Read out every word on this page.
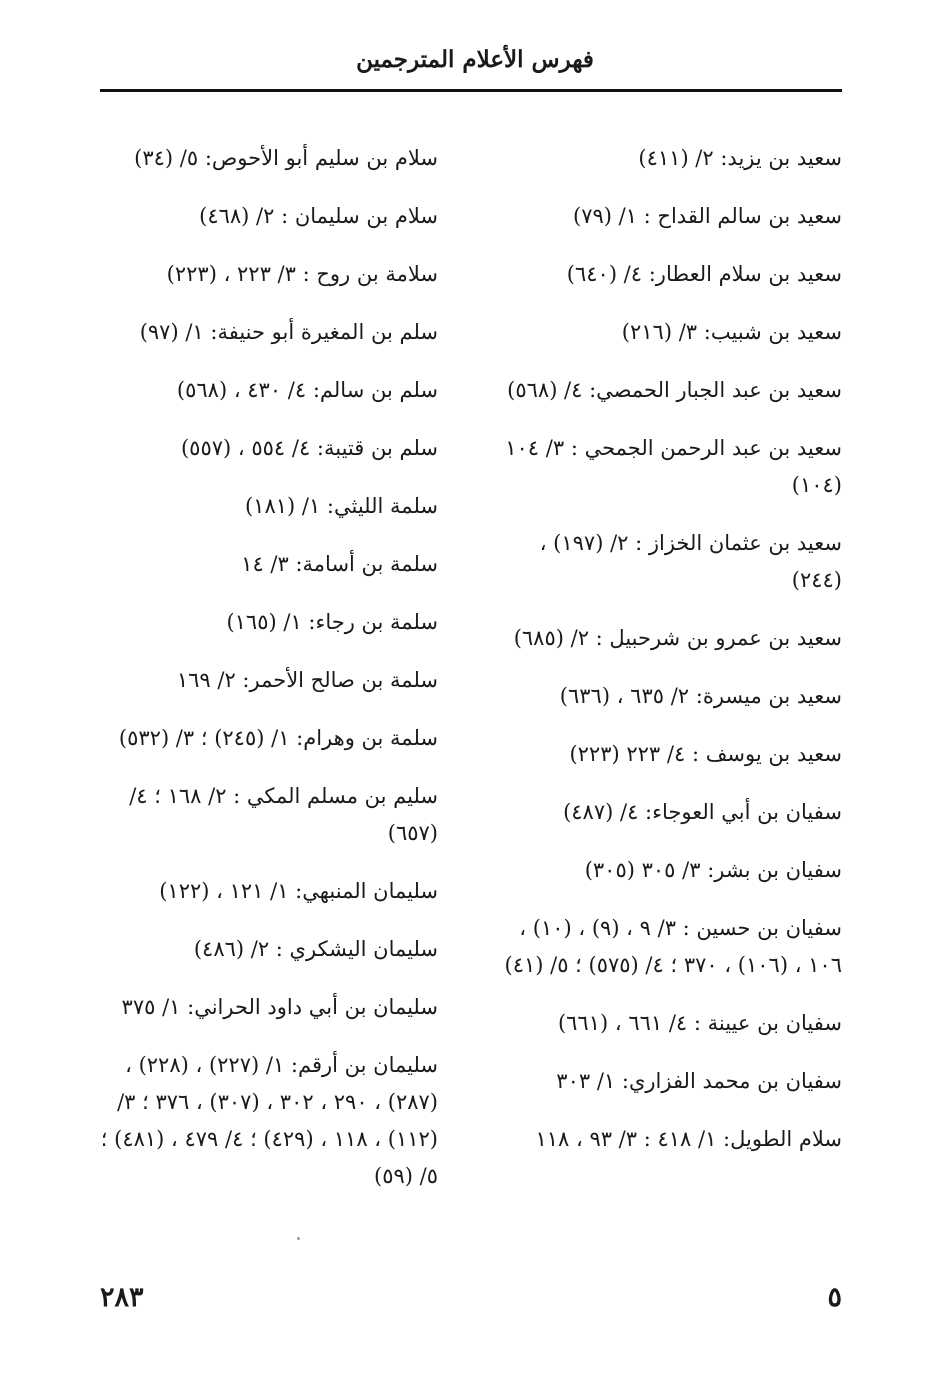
فهرس الأعلام المترجمين
سعيد بن يزيد: ٢/ (٤١١)
سعيد بن سالم القداح : ١/ (٧٩)
سعيد بن سلام العطار: ٤/ (٦٤٠)
سعيد بن شبيب: ٣/ (٢١٦)
سعيد بن عبد الجبار الحمصي: ٤/ (٥٦٨)
سعيد بن عبد الرحمن الجمحي : ٣/ ١٠٤ (١٠٤)
سعيد بن عثمان الخزاز : ٢/ (١٩٧) ، (٢٤٤)
سعيد بن عمرو بن شرحبيل : ٢/ (٦٨٥)
سعيد بن ميسرة: ٢/ ٦٣٥ ، (٦٣٦)
سعيد بن يوسف : ٤/ ٢٢٣ (٢٢٣)
سفيان بن أبي العوجاء: ٤/ (٤٨٧)
سفيان بن بشر: ٣/ ٣٠٥ (٣٠٥)
سفيان بن حسين : ٣/ ٩ ، (٩) ، (١٠) ، ١٠٦ ، (١٠٦) ، ٣٧٠ ؛ ٤/ (٥٧٥) ؛ ٥/ (٤١)
سفيان بن عيينة : ٤/ ٦٦١ ، (٦٦١)
سفيان بن محمد الفزاري: ١/ ٣٠٣
سلام الطويل: ١/ ٤١٨ : ٣/ ٩٣ ، ١١٨
سلام بن سليم أبو الأحوص: ٥/ (٣٤)
سلام بن سليمان : ٢/ (٤٦٨)
سلامة بن روح : ٣/ ٢٢٣ ، (٢٢٣)
سلم بن المغيرة أبو حنيفة: ١/ (٩٧)
سلم بن سالم: ٤/ ٤٣٠ ، (٥٦٨)
سلم بن قتيبة: ٤/ ٥٥٤ ، (٥٥٧)
سلمة الليثي: ١/ (١٨١)
سلمة بن أسامة: ٣/ ١٤
سلمة بن رجاء: ١/ (١٦٥)
سلمة بن صالح الأحمر: ٢/ ١٦٩
سلمة بن وهرام: ١/ (٢٤٥) ؛ ٣/ (٥٣٢)
سليم بن مسلم المكي : ٢/ ١٦٨ ؛ ٤/ (٦٥٧)
سليمان المنبهي: ١/ ١٢١ ، (١٢٢)
سليمان اليشكري : ٢/ (٤٨٦)
سليمان بن أبي داود الحراني: ١/ ٣٧٥
سليمان بن أرقم: ١/ (٢٢٧) ، (٢٢٨) ، (٢٨٧) ، ٢٩٠ ، ٣٠٢ ، (٣٠٧) ، ٣٧٦ ؛ ٣/ (١١٢) ، ١١٨ ، (٤٢٩) ؛ ٤/ ٤٧٩ ، (٤٨١) ؛ ٥/ (٥٩)
٢٨٣	٥
